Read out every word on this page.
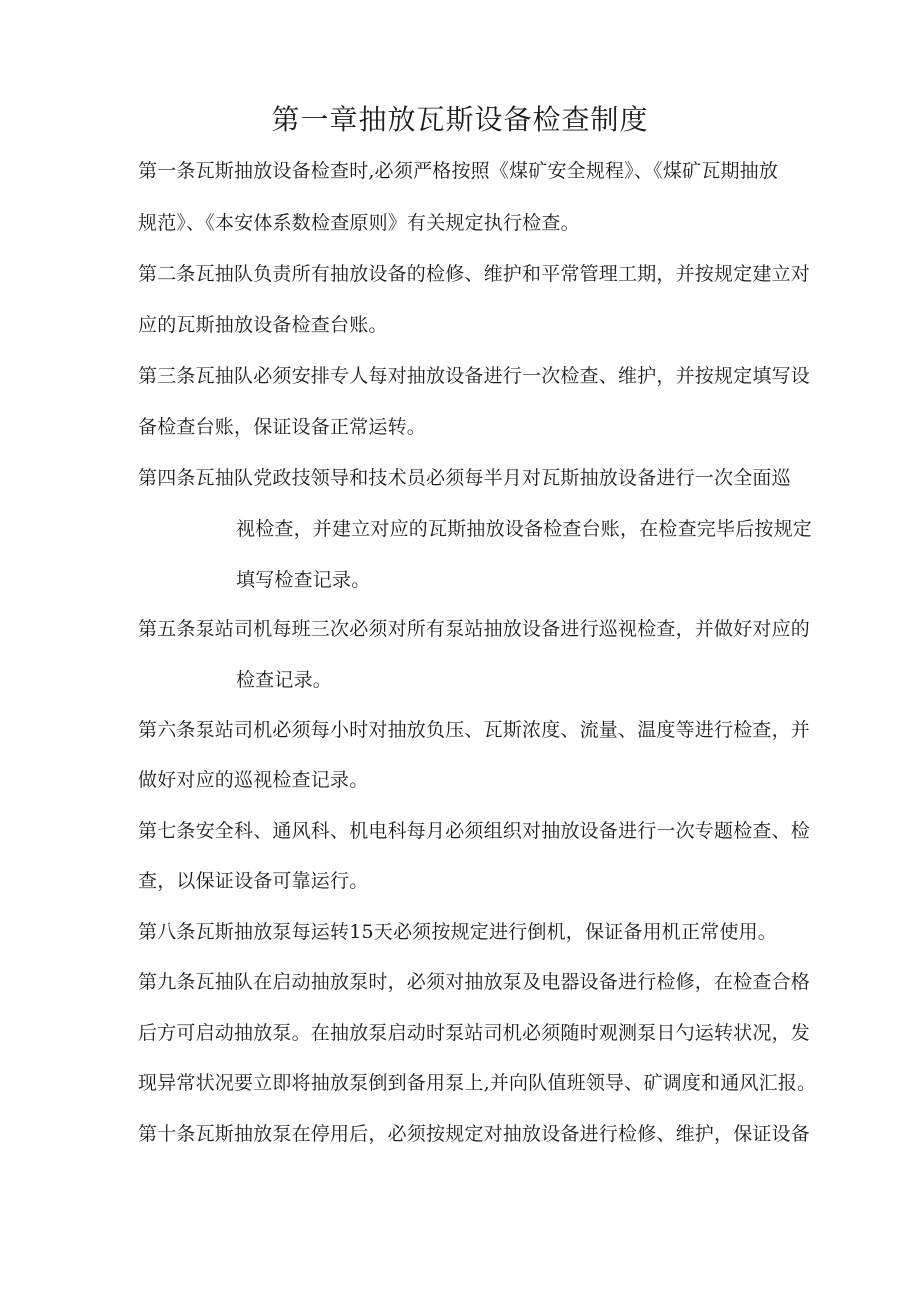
第一章抽放瓦斯设备检查制度
第一条瓦斯抽放设备检查时,必须严格按照《煤矿安全规程》、《煤矿瓦期抽放
规范》、《本安体系数检查原则》有关规定执行检查。
第二条瓦抽队负责所有抽放设备的检修、维护和平常管理工期，并按规定建立对
应的瓦斯抽放设备检查台账。
第三条瓦抽队必须安排专人每对抽放设备进行一次检查、维护，并按规定填写设
备检查台账，保证设备正常运转。
第四条瓦抽队党政技领导和技术员必须每半月对瓦斯抽放设备进行一次全面巡
视检查，并建立对应的瓦斯抽放设备检查台账，在检查完毕后按规定
填写检查记录。
第五条泵站司机每班三次必须对所有泵站抽放设备进行巡视检查，并做好对应的
检查记录。
第六条泵站司机必须每小时对抽放负压、瓦斯浓度、流量、温度等进行检查，并
做好对应的巡视检查记录。
第七条安全科、通风科、机电科每月必须组织对抽放设备进行一次专题检查、检
查，以保证设备可靠运行。
第八条瓦斯抽放泵每运转15天必须按规定进行倒机，保证备用机正常使用。
第九条瓦抽队在启动抽放泵时，必须对抽放泵及电器设备进行检修，在检查合格
后方可启动抽放泵。在抽放泵启动时泵站司机必须随时观测泵日勺运转状况，发
现异常状况要立即将抽放泵倒到备用泵上,并向队值班领导、矿调度和通风汇报。
第十条瓦斯抽放泵在停用后，必须按规定对抽放设备进行检修、维护，保证设备
